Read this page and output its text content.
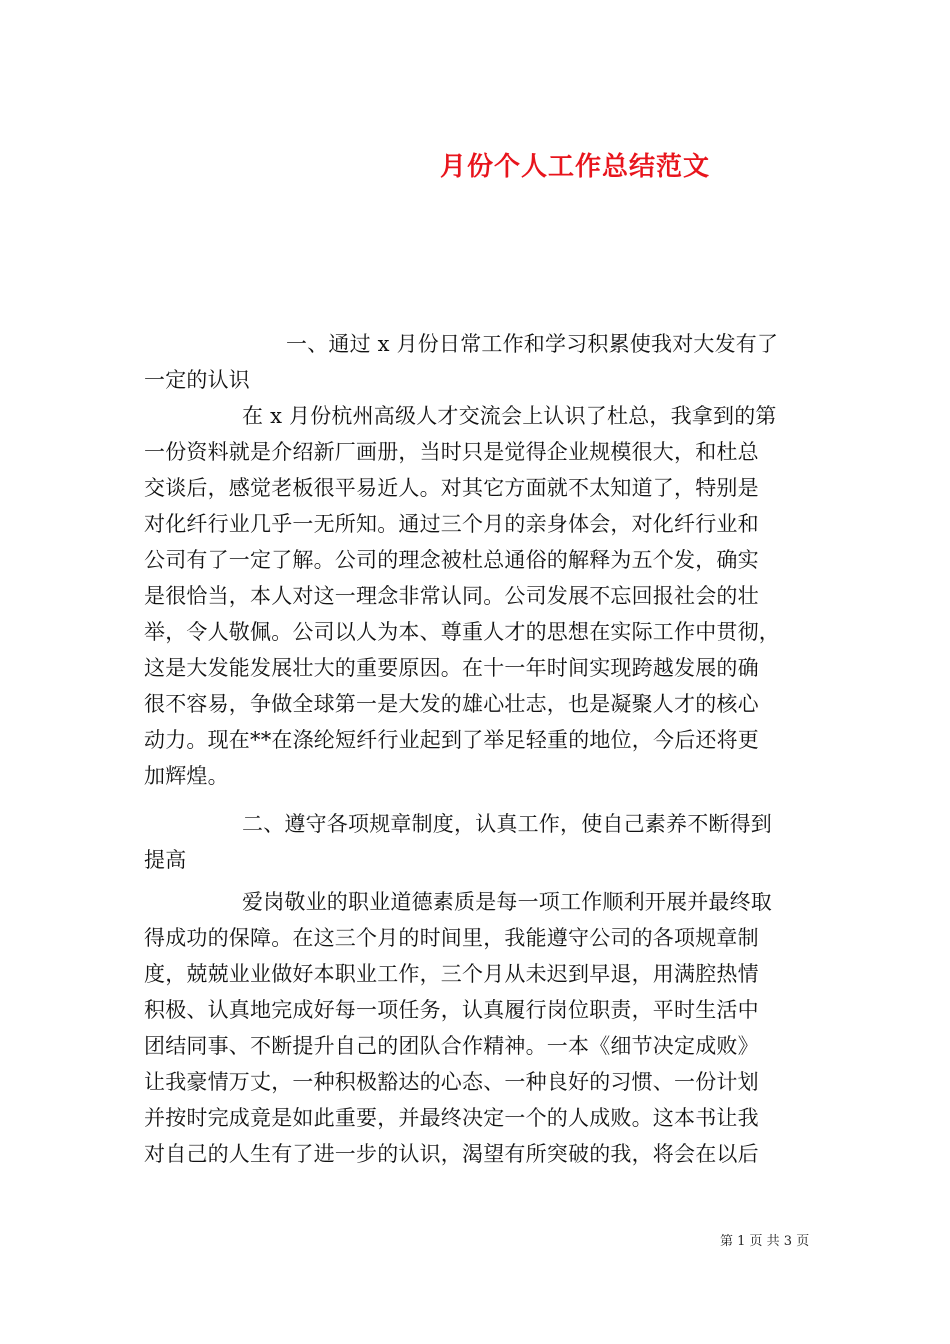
月份个人工作总结范文

一、通过 x 月份日常工作和学习积累使我对大发有了

一定的认识

在 x 月份杭州高级人才交流会上认识了杜总，我拿到的第

一份资料就是介绍新厂画册，当时只是觉得企业规模很大，和杜总

交谈后，感觉老板很平易近人。对其它方面就不太知道了，特别是

对化纤行业几乎一无所知。通过三个月的亲身体会，对化纤行业和

公司有了一定了解。公司的理念被杜总通俗的解释为五个发，确实

是很恰当，本人对这一理念非常认同。公司发展不忘回报社会的壮

举，令人敬佩。公司以人为本、尊重人才的思想在实际工作中贯彻，

这是大发能发展壮大的重要原因。在十一年时间实现跨越发展的确

很不容易，争做全球第一是大发的雄心壮志，也是凝聚人才的核心

动力。现在**在涤纶短纤行业起到了举足轻重的地位，今后还将更

加辉煌。

二、遵守各项规章制度，认真工作，使自己素养不断得到

提高

爱岗敬业的职业道德素质是每一项工作顺利开展并最终取

得成功的保障。在这三个月的时间里，我能遵守公司的各项规章制

度，兢兢业业做好本职业工作，三个月从未迟到早退，用满腔热情

积极、认真地完成好每一项任务，认真履行岗位职责，平时生活中

团结同事、不断提升自己的团队合作精神。一本《细节决定成败》

让我豪情万丈，一种积极豁达的心态、一种良好的习惯、一份计划

并按时完成竟是如此重要，并最终决定一个的人成败。这本书让我

对自己的人生有了进一步的认识，渴望有所突破的我，将会在以后

第 1 页 共 3 页
